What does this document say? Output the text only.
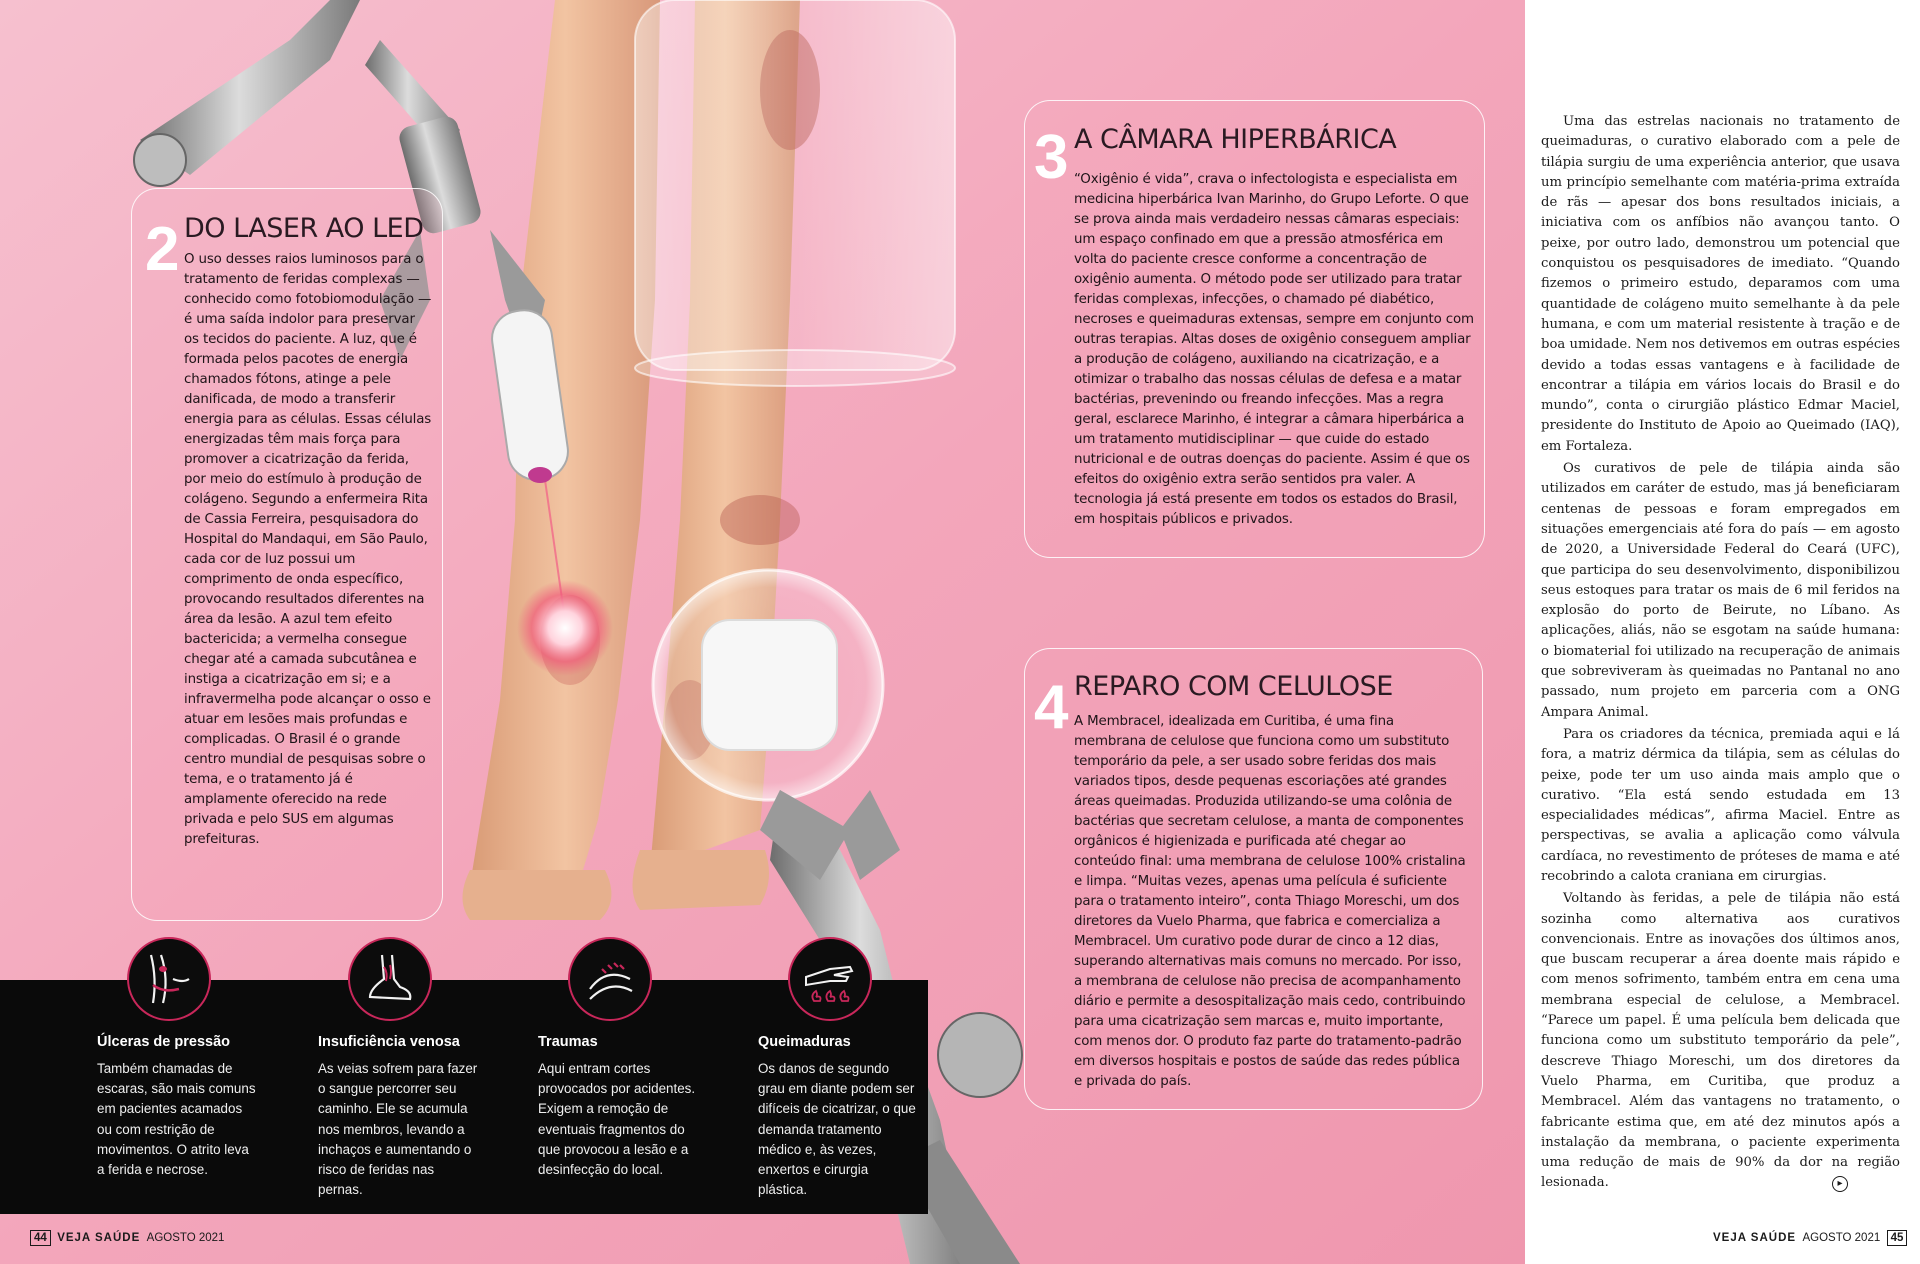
2 DO LASER AO LED
O uso desses raios luminosos para o tratamento de feridas complexas — conhecido como fotobiomodulação — é uma saída indolor para preservar os tecidos do paciente. A luz, que é formada pelos pacotes de energia chamados fótons, atinge a pele danificada, de modo a transferir energia para as células. Essas células energizadas têm mais força para promover a cicatrização da ferida, por meio do estímulo à produção de colágeno. Segundo a enfermeira Rita de Cassia Ferreira, pesquisadora do Hospital do Mandaqui, em São Paulo, cada cor de luz possui um comprimento de onda específico, provocando resultados diferentes na área da lesão. A azul tem efeito bactericida; a vermelha consegue chegar até a camada subcutânea e instiga a cicatrização em si; e a infravermelha pode alcançar o osso e atuar em lesões mais profundas e complicadas. O Brasil é o grande centro mundial de pesquisas sobre o tema, e o tratamento já é amplamente oferecido na rede privada e pelo SUS em algumas prefeituras.
3 A CÂMARA HIPERBÁRICA
“Oxigênio é vida”, crava o infectologista e especialista em medicina hiperbárica Ivan Marinho, do Grupo Leforte. O que se prova ainda mais verdadeiro nessas câmaras especiais: um espaço confinado em que a pressão atmosférica em volta do paciente cresce conforme a concentração de oxigênio aumenta. O método pode ser utilizado para tratar feridas complexas, infecções, o chamado pé diabético, necroses e queimaduras extensas, sempre em conjunto com outras terapias. Altas doses de oxigênio conseguem ampliar a produção de colágeno, auxiliando na cicatrização, e a otimizar o trabalho das nossas células de defesa e a matar bactérias, prevenindo ou freando infecções. Mas a regra geral, esclarece Marinho, é integrar a câmara hiperbárica a um tratamento mutidisciplinar — que cuide do estado nutricional e de outras doenças do paciente. Assim é que os efeitos do oxigênio extra serão sentidos pra valer. A tecnologia já está presente em todos os estados do Brasil, em hospitais públicos e privados.
4 REPARO COM CELULOSE
A Membracel, idealizada em Curitiba, é uma fina membrana de celulose que funciona como um substituto temporário da pele, a ser usado sobre feridas dos mais variados tipos, desde pequenas escoriações até grandes áreas queimadas. Produzida utilizando-se uma colônia de bactérias que secretam celulose, a manta de componentes orgânicos é higienizada e purificada até chegar ao conteúdo final: uma membrana de celulose 100% cristalina e limpa. “Muitas vezes, apenas uma película é suficiente para o tratamento inteiro”, conta Thiago Moreschi, um dos diretores da Vuelo Pharma, que fabrica e comercializa a Membracel. Um curativo pode durar de cinco a 12 dias, superando alternativas mais comuns no mercado. Por isso, a membrana de celulose não precisa de acompanhamento diário e permite a desospitalização mais cedo, contribuindo para uma cicatrização sem marcas e, muito importante, com menos dor. O produto faz parte do tratamento-padrão em diversos hospitais e postos de saúde das redes pública e privada do país.
Úlceras de pressão
Também chamadas de escaras, são mais comuns em pacientes acamados ou com restrição de movimentos. O atrito leva a ferida e necrose.
Insuficiência venosa
As veias sofrem para fazer o sangue percorrer seu caminho. Ele se acumula nos membros, levando a inchaços e aumentando o risco de feridas nas pernas.
Traumas
Aqui entram cortes provocados por acidentes. Exigem a remoção de eventuais fragmentos do que provocou a lesão e a desinfecção do local.
Queimaduras
Os danos de segundo grau em diante podem ser difíceis de cicatrizar, o que demanda tratamento médico e, às vezes, enxertos e cirurgia plástica.

Uma das estrelas nacionais no tratamento de queimaduras, o curativo elaborado com a pele de tilápia surgiu de uma experiência anterior, que usava um princípio semelhante com matéria-prima extraída de rãs — apesar dos bons resultados iniciais, a iniciativa com os anfíbios não avançou tanto. O peixe, por outro lado, demonstrou um potencial que conquistou os pesquisadores de imediato. “Quando fizemos o primeiro estudo, deparamos com uma quantidade de colágeno muito semelhante à da pele humana, e com um material resistente à tração e de boa umidade. Nem nos detivemos em outras espécies devido a todas essas vantagens e à facilidade de encontrar a tilápia em vários locais do Brasil e do mundo”, conta o cirurgião plástico Edmar Maciel, presidente do Instituto de Apoio ao Queimado (IAQ), em Fortaleza.

Os curativos de pele de tilápia ainda são utilizados em caráter de estudo, mas já beneficiaram centenas de pessoas e foram empregados em situações emergenciais até fora do país — em agosto de 2020, a Universidade Federal do Ceará (UFC), que participa do seu desenvolvimento, disponibilizou seus estoques para tratar os mais de 6 mil feridos na explosão do porto de Beirute, no Líbano. As aplicações, aliás, não se esgotam na saúde humana: o biomaterial foi utilizado na recuperação de animais que sobreviveram às queimadas no Pantanal no ano passado, num projeto em parceria com a ONG Ampara Animal.

Para os criadores da técnica, premiada aqui e lá fora, a matriz dérmica da tilápia, sem as células do peixe, pode ter um uso ainda mais amplo que o curativo. “Ela está sendo estudada em 13 especialidades médicas”, afirma Maciel. Entre as perspectivas, se avalia a aplicação como válvula cardíaca, no revestimento de próteses de mama e até recobrindo a calota craniana em cirurgias.

Voltando às feridas, a pele de tilápia não está sozinha como alternativa aos curativos convencionais. Entre as inovações dos últimos anos, que buscam recuperar a área doente mais rápido e com menos sofrimento, também entra em cena uma membrana especial de celulose, a Membracel. “Parece um papel. É uma película bem delicada que funciona como um substituto temporário da pele”, descreve Thiago Moreschi, um dos diretores da Vuelo Pharma, em Curitiba, que produz a Membracel. Além das vantagens no tratamento, o fabricante estima que, em até dez minutos após a instalação da membrana, o paciente experimenta uma redução de mais de 90% da dor na região lesionada.	▸
44 VEJA SAÚDE AGOSTO 2021	VEJA SAÚDE AGOSTO 2021 45
